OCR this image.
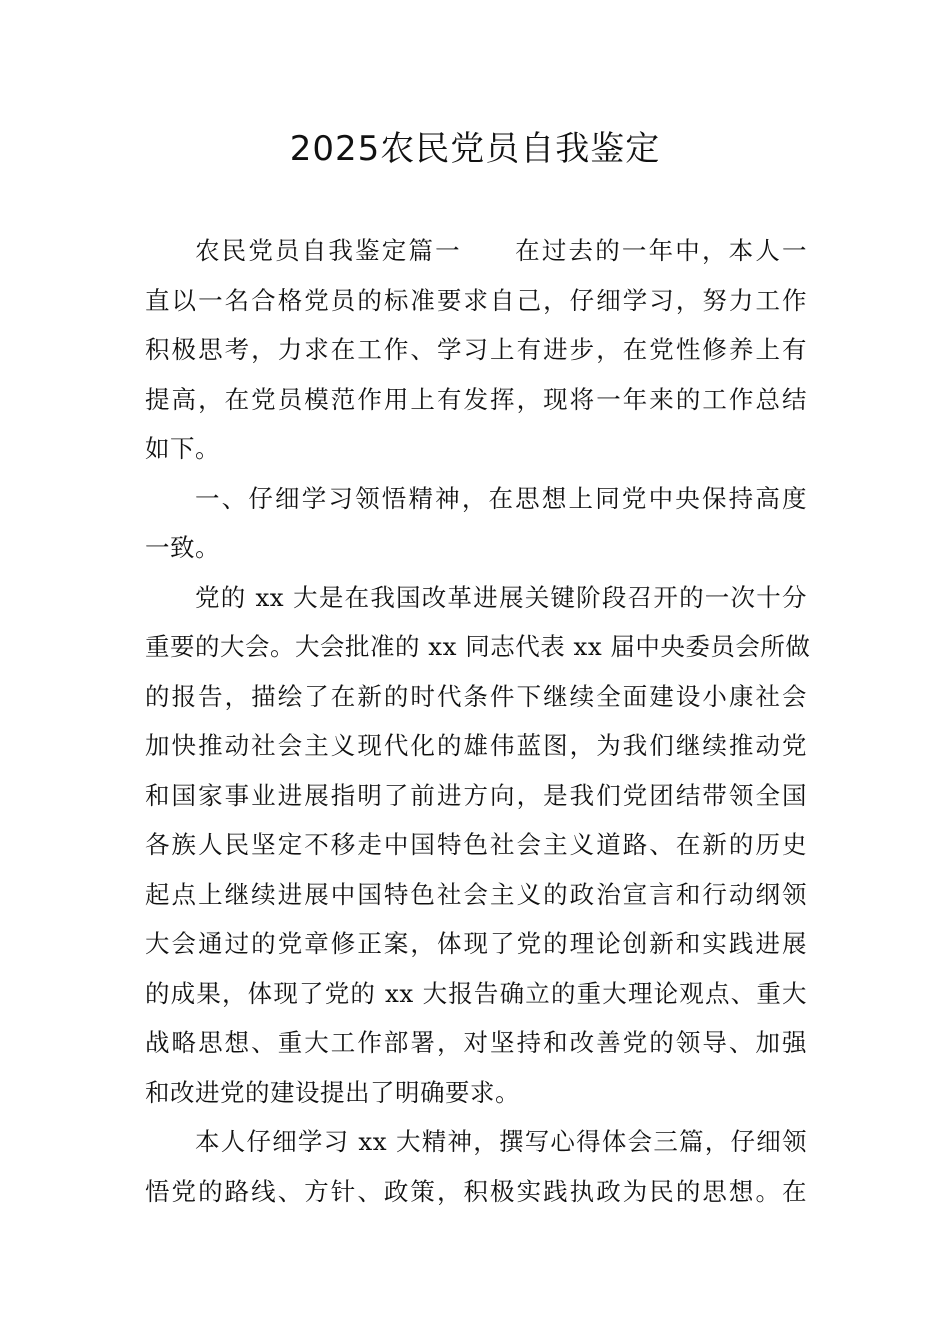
2025农民党员自我鉴定
农民党员自我鉴定篇一　　在过去的一年中，本人一
直以一名合格党员的标准要求自己，仔细学习，努力工作
积极思考，力求在工作、学习上有进步，在党性修养上有
提高，在党员模范作用上有发挥，现将一年来的工作总结
如下。
一、仔细学习领悟精神，在思想上同党中央保持高度
一致。
党的 xx 大是在我国改革进展关键阶段召开的一次十分
重要的大会。大会批准的 xx 同志代表 xx 届中央委员会所做
的报告，描绘了在新的时代条件下继续全面建设小康社会
加快推动社会主义现代化的雄伟蓝图，为我们继续推动党
和国家事业进展指明了前进方向，是我们党团结带领全国
各族人民坚定不移走中国特色社会主义道路、在新的历史
起点上继续进展中国特色社会主义的政治宣言和行动纲领
大会通过的党章修正案，体现了党的理论创新和实践进展
的成果，体现了党的 xx 大报告确立的重大理论观点、重大
战略思想、重大工作部署，对坚持和改善党的领导、加强
和改进党的建设提出了明确要求。
本人仔细学习 xx 大精神，撰写心得体会三篇，仔细领
悟党的路线、方针、政策，积极实践执政为民的思想。在
